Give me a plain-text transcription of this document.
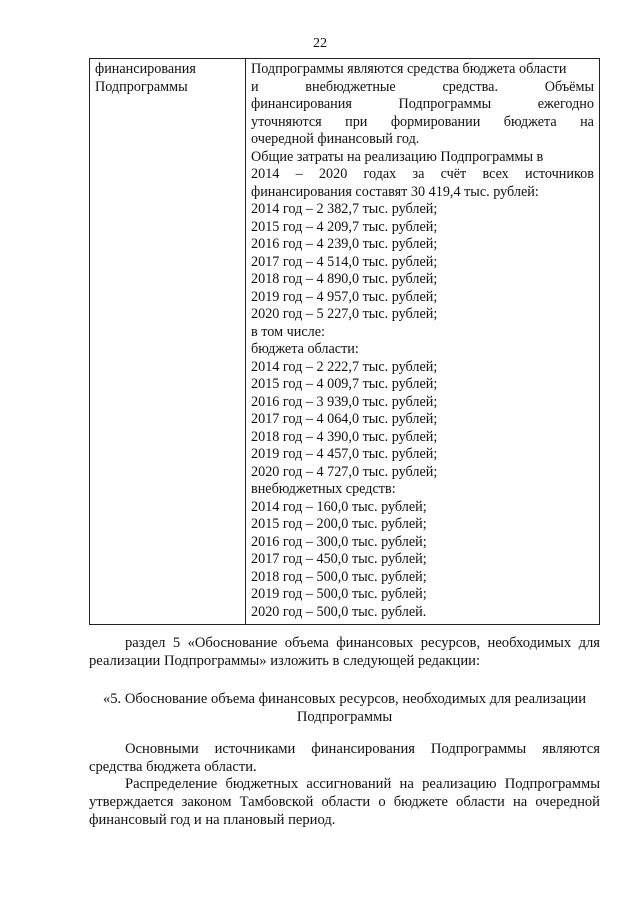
22
финансирования
Подпрограммы

Подпрограммы являются средства бюджета области
и	внебюджетные	средства.	Объёмы
финансирования	Подпрограммы	ежегодно
уточняются при формировании бюджета на
очередной финансовый год.
Общие затраты на реализацию Подпрограммы в
2014 – 2020 годах за счёт всех источников
финансирования составят 30 419,4 тыс. рублей:
2014 год – 2 382,7 тыс. рублей;
2015 год – 4 209,7 тыс. рублей;
2016 год – 4 239,0 тыс. рублей;
2017 год – 4 514,0 тыс. рублей;
2018 год – 4 890,0 тыс. рублей;
2019 год – 4 957,0 тыс. рублей;
2020 год – 5 227,0 тыс. рублей;
в том числе:
бюджета области:
2014 год – 2 222,7 тыс. рублей;
2015 год – 4 009,7 тыс. рублей;
2016 год – 3 939,0 тыс. рублей;
2017 год – 4 064,0 тыс. рублей;
2018 год – 4 390,0 тыс. рублей;
2019 год – 4 457,0 тыс. рублей;
2020 год – 4 727,0 тыс. рублей;
внебюджетных средств:
2014 год – 160,0 тыс. рублей;
2015 год – 200,0 тыс. рублей;
2016 год – 300,0 тыс. рублей;
2017 год – 450,0 тыс. рублей;
2018 год – 500,0 тыс. рублей;
2019 год – 500,0 тыс. рублей;
2020 год – 500,0 тыс. рублей.
раздел 5 «Обоснование объема финансовых ресурсов, необходимых для реализации Подпрограммы» изложить в следующей редакции:
«5. Обоснование объема финансовых ресурсов, необходимых для реализации
Подпрограммы
Основными источниками финансирования Подпрограммы являются средства бюджета области.
Распределение бюджетных ассигнований на реализацию Подпрограммы утверждается законом Тамбовской области о бюджете области на очередной финансовый год и на плановый период.
